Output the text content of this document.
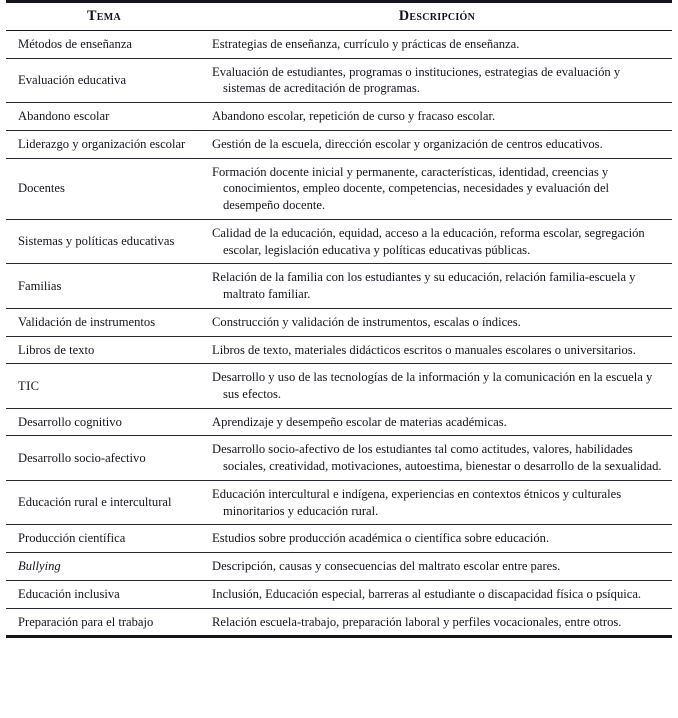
Tema	Descripción
Métodos de enseñanza	Estrategias de enseñanza, currículo y prácticas de enseñanza.
Evaluación educativa	Evaluación de estudiantes, programas o instituciones, estrategias de evaluación y sistemas de acreditación de programas.
Abandono escolar	Abandono escolar, repetición de curso y fracaso escolar.
Liderazgo y organización escolar	Gestión de la escuela, dirección escolar y organización de centros educativos.
Docentes	Formación docente inicial y permanente, características, identidad, creencias y conocimientos, empleo docente, competencias, necesidades y evaluación del desempeño docente.
Sistemas y políticas educativas	Calidad de la educación, equidad, acceso a la educación, reforma escolar, segregación escolar, legislación educativa y políticas educativas públicas.
Familias	Relación de la familia con los estudiantes y su educación, relación familia-escuela y maltrato familiar.
Validación de instrumentos	Construcción y validación de instrumentos, escalas o índices.
Libros de texto	Libros de texto, materiales didácticos escritos o manuales escolares o universitarios.
TIC	Desarrollo y uso de las tecnologías de la información y la comunicación en la escuela y sus efectos.
Desarrollo cognitivo	Aprendizaje y desempeño escolar de materias académicas.
Desarrollo socio-afectivo	Desarrollo socio-afectivo de los estudiantes tal como actitudes, valores, habilidades sociales, creatividad, motivaciones, autoestima, bienestar o desarrollo de la sexualidad.
Educación rural e intercultural	Educación intercultural e indígena, experiencias en contextos étnicos y culturales minoritarios y educación rural.
Producción científica	Estudios sobre producción académica o científica sobre educación.
Bullying	Descripción, causas y consecuencias del maltrato escolar entre pares.
Educación inclusiva	Inclusión, Educación especial, barreras al estudiante o discapacidad física o psíquica.
Preparación para el trabajo	Relación escuela-trabajo, preparación laboral y perfiles vocacionales, entre otros.
